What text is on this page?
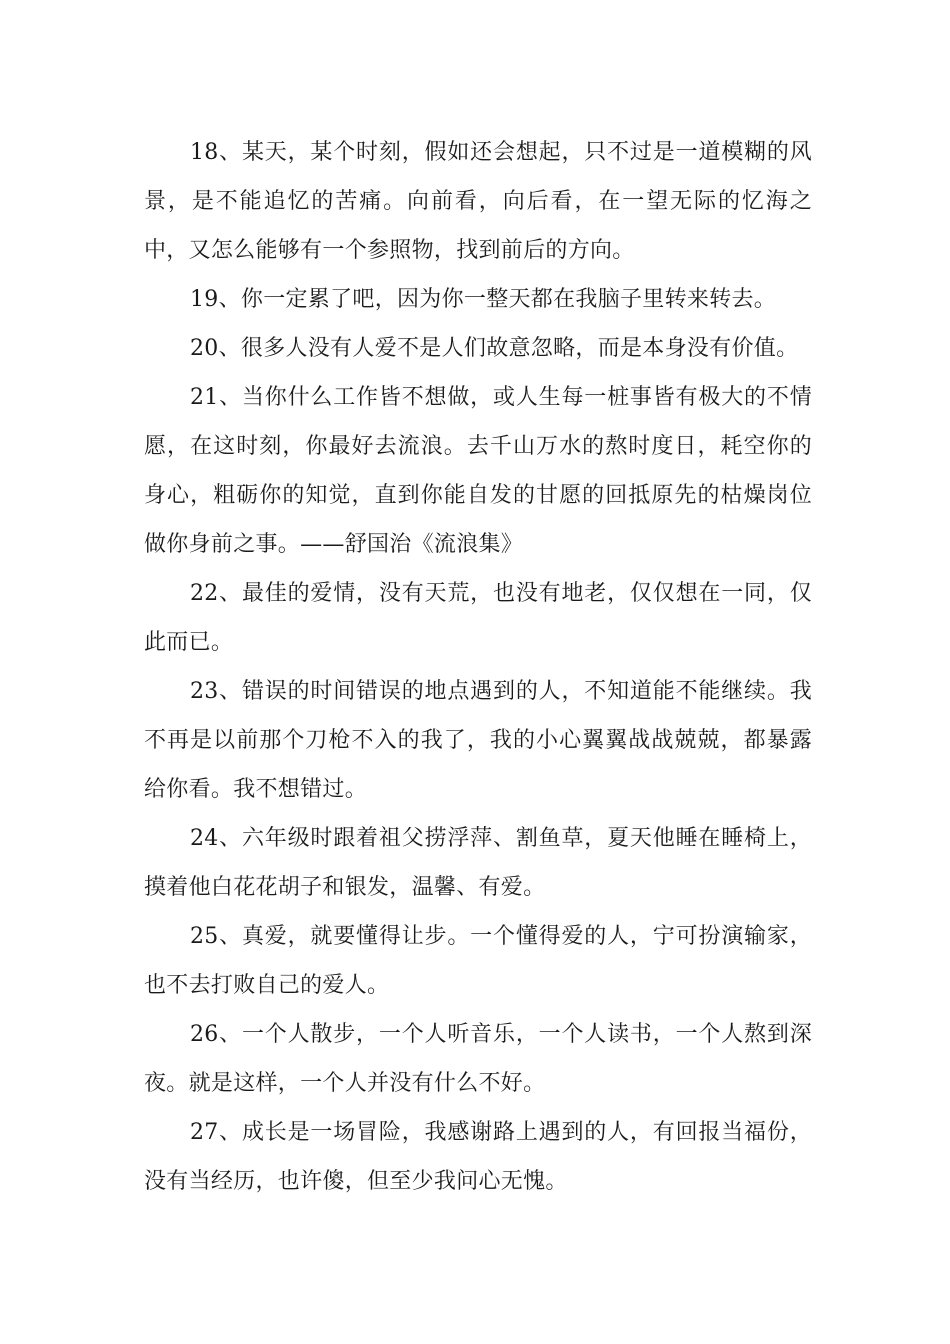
18、某天，某个时刻，假如还会想起，只不过是一道模糊的风景，是不能追忆的苦痛。向前看，向后看，在一望无际的忆海之中，又怎么能够有一个参照物，找到前后的方向。

19、你一定累了吧，因为你一整天都在我脑子里转来转去。

20、很多人没有人爱不是人们故意忽略，而是本身没有价值。

21、当你什么工作皆不想做，或人生每一桩事皆有极大的不情愿，在这时刻，你最好去流浪。去千山万水的熬时度日，耗空你的身心，粗砺你的知觉，直到你能自发的甘愿的回抵原先的枯燥岗位做你身前之事。——舒国治《流浪集》

22、最佳的爱情，没有天荒，也没有地老，仅仅想在一同，仅此而已。

23、错误的时间错误的地点遇到的人，不知道能不能继续。我不再是以前那个刀枪不入的我了，我的小心翼翼战战兢兢，都暴露给你看。我不想错过。

24、六年级时跟着祖父捞浮萍、割鱼草，夏天他睡在睡椅上，摸着他白花花胡子和银发，温馨、有爱。

25、真爱，就要懂得让步。一个懂得爱的人，宁可扮演输家，也不去打败自己的爱人。

26、一个人散步，一个人听音乐，一个人读书，一个人熬到深夜。就是这样，一个人并没有什么不好。

27、成长是一场冒险，我感谢路上遇到的人，有回报当福份，没有当经历，也许傻，但至少我问心无愧。
